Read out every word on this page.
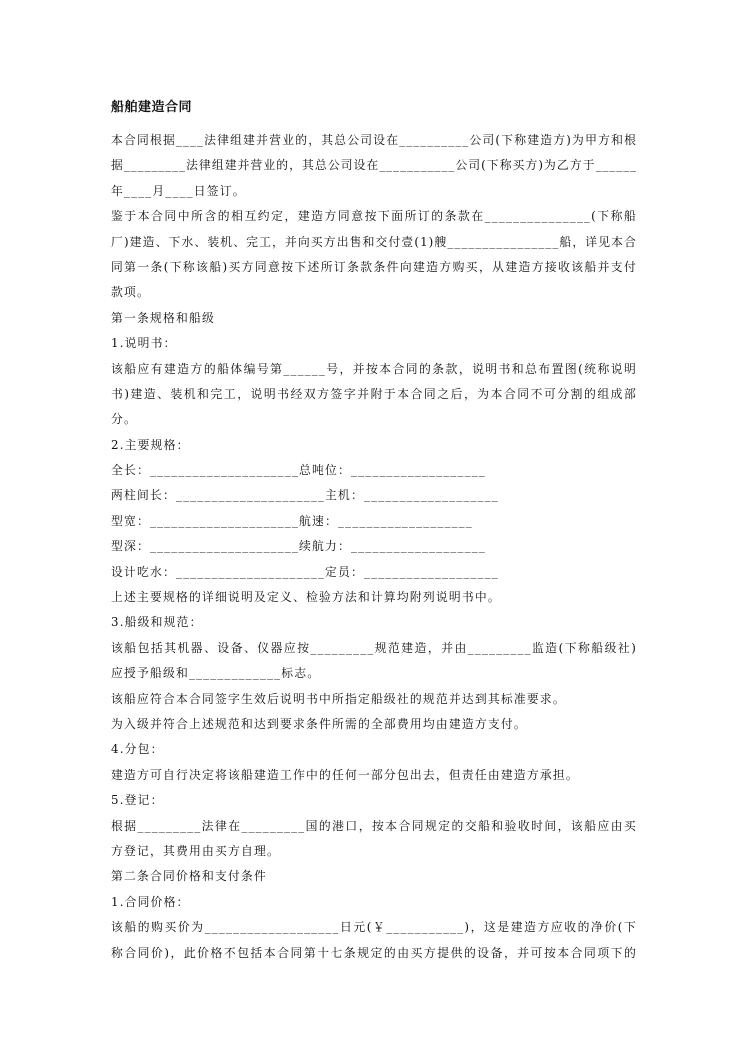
船舶建造合同
本合同根据____法律组建并营业的，其总公司设在__________公司(下称建造方)为甲方和根
据_________法律组建并营业的，其总公司设在___________公司(下称买方)为乙方于______
年____月____日签订。
鉴于本合同中所含的相互约定，建造方同意按下面所订的条款在_______________(下称船
厂)建造、下水、装机、完工，并向买方出售和交付壹(1)艘________________船，详见本合
同第一条(下称该船)买方同意按下述所订条款条件向建造方购买，从建造方接收该船并支付
款项。
第一条规格和船级
1.说明书：
该船应有建造方的船体编号第______号，并按本合同的条款，说明书和总布置图(统称说明
书)建造、装机和完工，说明书经双方签字并附于本合同之后，为本合同不可分割的组成部
分。
2.主要规格：
全长：_____________________总吨位：___________________
两柱间长：_____________________主机：___________________
型宽：_____________________航速：___________________
型深：_____________________续航力：___________________
设计吃水：_____________________定员：___________________
上述主要规格的详细说明及定义、检验方法和计算均附列说明书中。
3.船级和规范：
该船包括其机器、设备、仪器应按_________规范建造，并由_________监造(下称船级社)
应授予船级和_____________标志。
该船应符合本合同签字生效后说明书中所指定船级社的规范并达到其标准要求。
为入级并符合上述规范和达到要求条件所需的全部费用均由建造方支付。
4.分包：
建造方可自行决定将该船建造工作中的任何一部分包出去，但责任由建造方承担。
5.登记：
根据_________法律在_________国的港口，按本合同规定的交船和验收时间，该船应由买
方登记，其费用由买方自理。
第二条合同价格和支付条件
1.合同价格：
该船的购买价为___________________日元(￥___________)，这是建造方应收的净价(下
称合同价)，此价格不包括本合同第十七条规定的由买方提供的设备，并可按本合同项下的
